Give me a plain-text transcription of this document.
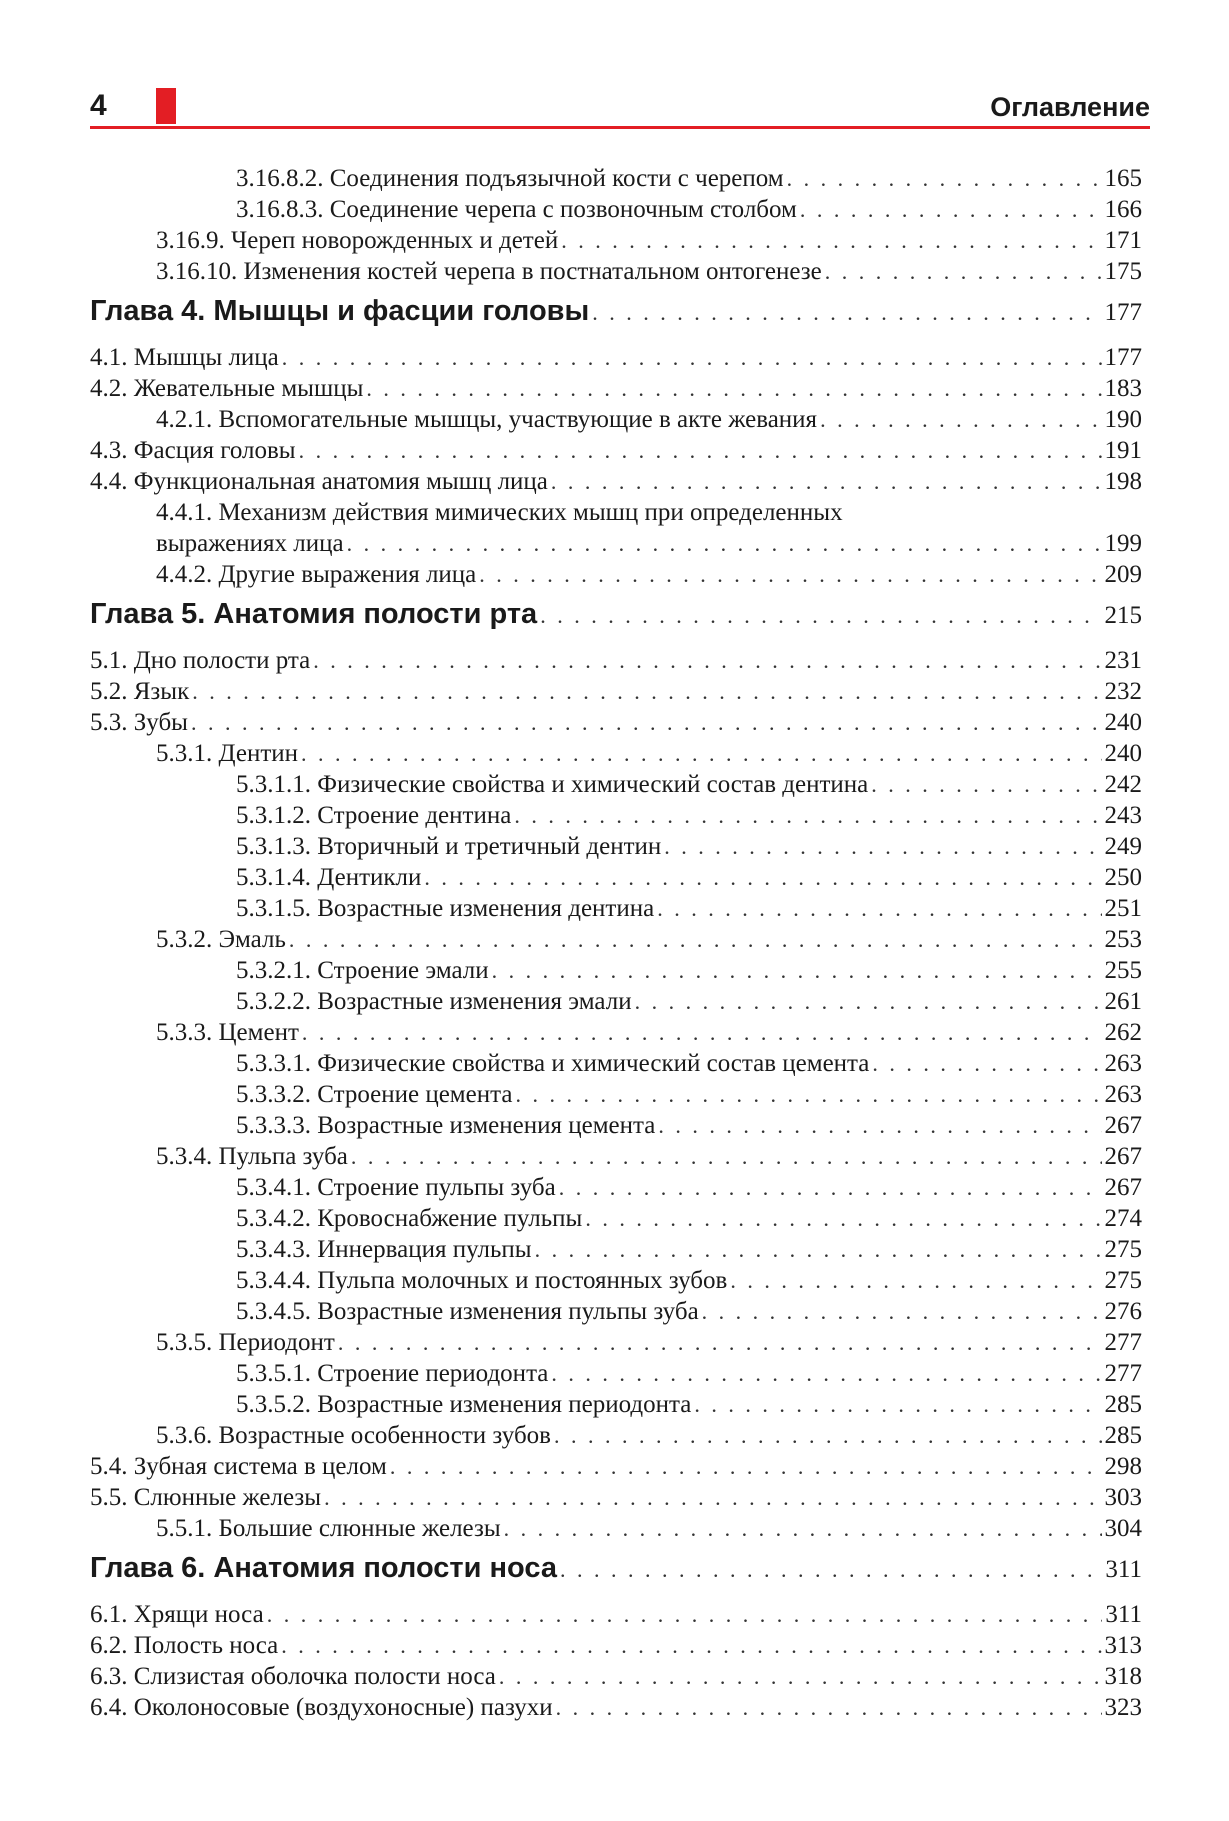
4	Оглавление
3.16.8.2. Соединения подъязычной кости с черепом . . .	165
3.16.8.3. Соединение черепа с позвоночным столбом . . .	166
3.16.9. Череп новорожденных и детей . . .	171
3.16.10. Изменения костей черепа в постнатальном онтогенезе . . .	175
Глава 4. Мышцы и фасции головы . . .	177
4.1. Мышцы лица . . .	177
4.2. Жевательные мышцы . . .	183
4.2.1. Вспомогательные мышцы, участвующие в акте жевания . . .	190
4.3. Фасция головы . . .	191
4.4. Функциональная анатомия мышц лица . . .	198
4.4.1. Механизм действия мимических мышц при определенных
выражениях лица . . .	199
4.4.2. Другие выражения лица . . .	209
Глава 5. Анатомия полости рта . . .	215
5.1. Дно полости рта . . .	231
5.2. Язык . . .	232
5.3. Зубы . . .	240
5.3.1. Дентин . . .	240
5.3.1.1. Физические свойства и химический состав дентина . . .	242
5.3.1.2. Строение дентина . . .	243
5.3.1.3. Вторичный и третичный дентин . . .	249
5.3.1.4. Дентикли . . .	250
5.3.1.5. Возрастные изменения дентина . . .	251
5.3.2. Эмаль . . .	253
5.3.2.1. Строение эмали . . .	255
5.3.2.2. Возрастные изменения эмали . . .	261
5.3.3. Цемент . . .	262
5.3.3.1. Физические свойства и химический состав цемента . . .	263
5.3.3.2. Строение цемента . . .	263
5.3.3.3. Возрастные изменения цемента . . .	267
5.3.4. Пульпа зуба . . .	267
5.3.4.1. Строение пульпы зуба . . .	267
5.3.4.2. Кровоснабжение пульпы . . .	274
5.3.4.3. Иннервация пульпы . . .	275
5.3.4.4. Пульпа молочных и постоянных зубов . . .	275
5.3.4.5. Возрастные изменения пульпы зуба . . .	276
5.3.5. Периодонт . . .	277
5.3.5.1. Строение периодонта . . .	277
5.3.5.2. Возрастные изменения периодонта . . .	285
5.3.6. Возрастные особенности зубов . . .	285
5.4. Зубная система в целом . . .	298
5.5. Слюнные железы . . .	303
5.5.1. Большие слюнные железы . . .	304
Глава 6. Анатомия полости носа . . .	311
6.1. Хрящи носа . . .	311
6.2. Полость носа . . .	313
6.3. Слизистая оболочка полости носа . . .	318
6.4. Околоносовые (воздухоносные) пазухи . . .	323
